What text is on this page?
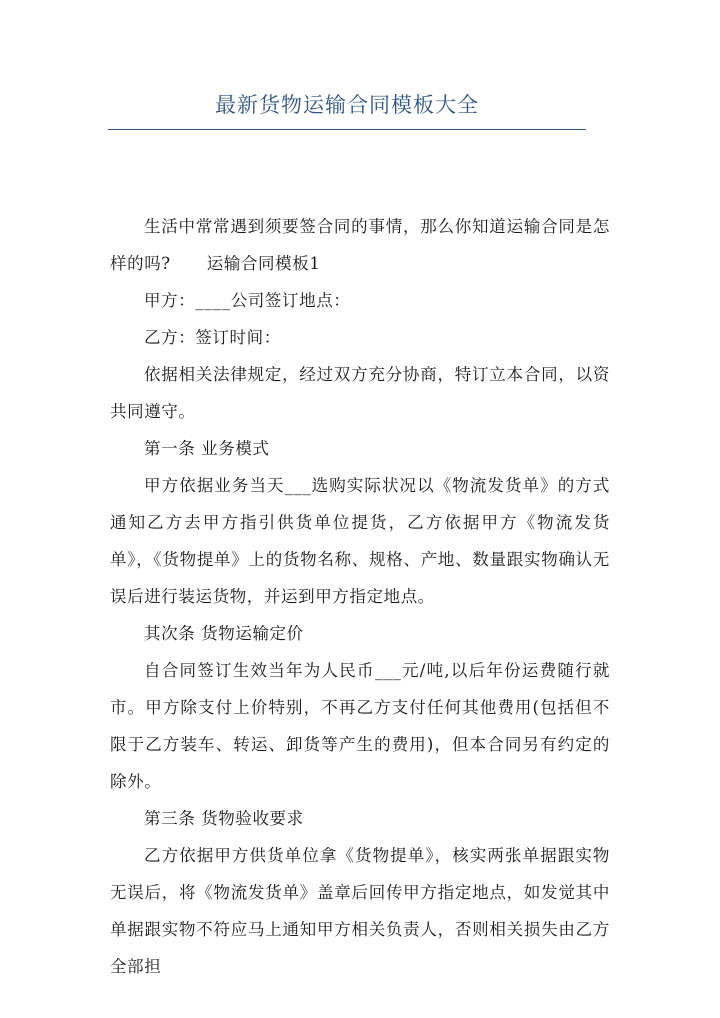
最新货物运输合同模板大全

生活中常常遇到须要签合同的事情，那么你知道运输合同是怎样的吗? 运输合同模板1

甲方：____公司签订地点：

乙方：签订时间：

依据相关法律规定，经过双方充分协商，特订立本合同，以资共同遵守。

第一条 业务模式

甲方依据业务当天___选购实际状况以《物流发货单》的方式通知乙方去甲方指引供货单位提货，乙方依据甲方《物流发货单》，《货物提单》上的货物名称、规格、产地、数量跟实物确认无误后进行装运货物，并运到甲方指定地点。

其次条 货物运输定价

自合同签订生效当年为人民币___元/吨,以后年份运费随行就市。甲方除支付上价特别，不再乙方支付任何其他费用(包括但不限于乙方装车、转运、卸货等产生的费用)，但本合同另有约定的除外。

第三条 货物验收要求

乙方依据甲方供货单位拿《货物提单》，核实两张单据跟实物无误后，将《物流发货单》盖章后回传甲方指定地点，如发觉其中单据跟实物不符应马上通知甲方相关负责人，否则相关损失由乙方全部担
